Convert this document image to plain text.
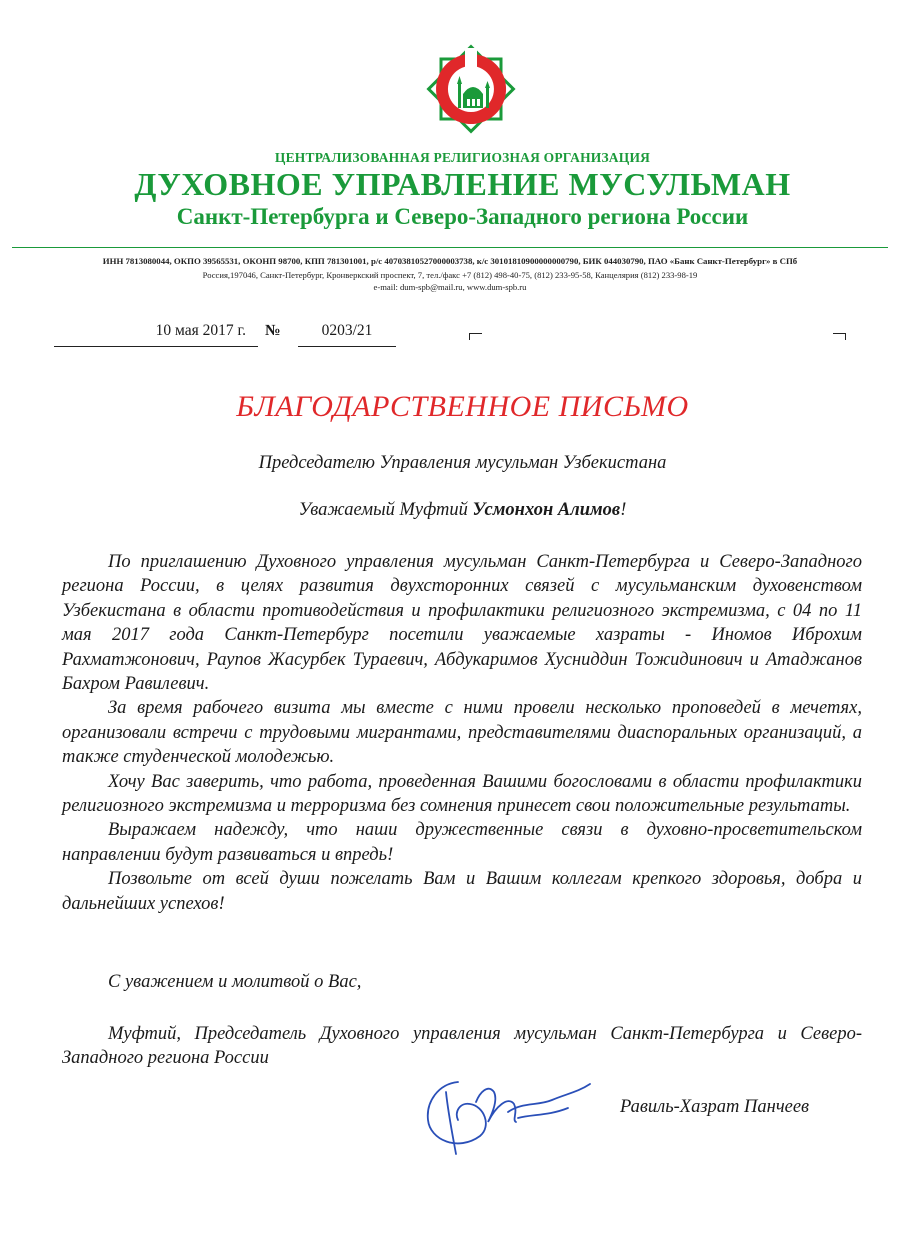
ЦЕНТРАЛИЗОВАННАЯ РЕЛИГИОЗНАЯ ОРГАНИЗАЦИЯ
ДУХОВНОЕ УПРАВЛЕНИЕ МУСУЛЬМАН
Санкт-Петербурга и Северо-Западного региона России
ИНН 7813080044, ОКПО 39565531, ОКОНП 98700, КПП 781301001, р/с 40703810527000003738, к/с 30101810900000000790, БИК 044030790, ПАО «Банк Санкт-Петербург» в СПб
Россия,197046, Санкт-Петербург, Кронверкский проспект, 7, тел./факс +7 (812) 498-40-75, (812) 233-95-58, Канцелярия (812) 233-98-19
e-mail: dum-spb@mail.ru, www.dum-spb.ru
10 мая 2017 г.	№	0203/21
БЛАГОДАРСТВЕННОЕ ПИСЬМО
Председателю Управления мусульман Узбекистана
Уважаемый Муфтий Усмонхон Алимов!

По приглашению Духовного управления мусульман Санкт-Петербурга и Северо-Западного региона России, в целях развития двухсторонних связей с мусульманским духовенством Узбекистана в области противодействия и профилактики религиозного экстремизма, с 04 по 11 мая 2017 года Санкт-Петербург посетили уважаемые хазраты - Иномов Иброхим Рахматжонович, Раупов Жасурбек Тураевич, Абдукаримов Хусниддин Тожидинович и Атаджанов Бахром Равилевич.

За время рабочего визита мы вместе с ними провели несколько проповедей в мечетях, организовали встречи с трудовыми мигрантами, представителями диаспоральных организаций, а также студенческой молодежью.

Хочу Вас заверить, что работа, проведенная Вашими богословами в области профилактики религиозного экстремизма и терроризма без сомнения принесет свои положительные результаты.

Выражаем надежду, что наши дружественные связи в духовно-просветительском направлении будут развиваться и впредь!

Позвольте от всей души пожелать Вам и Вашим коллегам крепкого здоровья, добра и дальнейших успехов!

С уважением и молитвой о Вас,
Муфтий, Председатель Духовного управления мусульман Санкт-Петербурга и Северо-Западного региона России
Равиль-Хазрат Панчеев
